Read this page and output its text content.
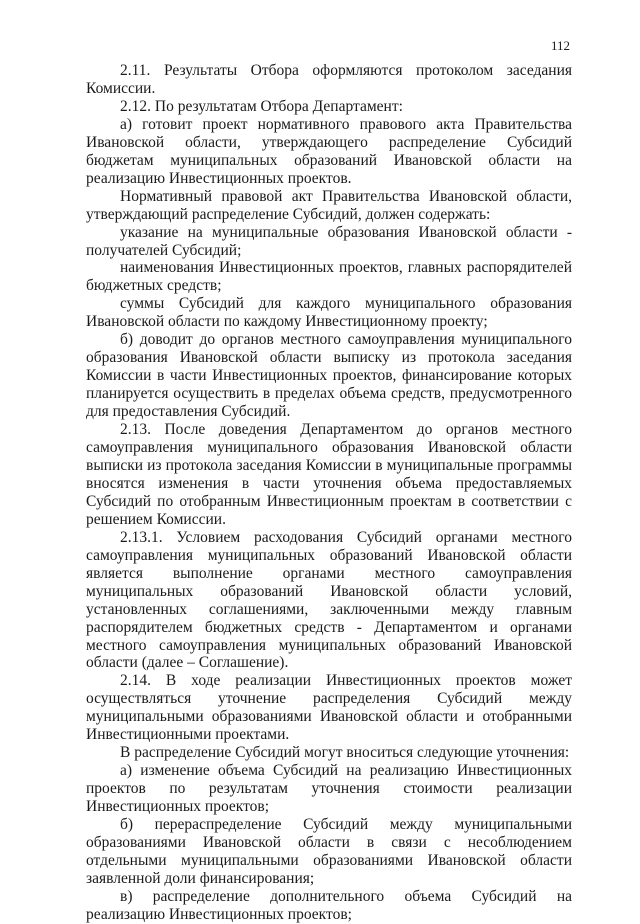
112

2.11. Результаты Отбора оформляются протоколом заседания Комиссии.

2.12. По результатам Отбора Департамент:

а) готовит проект нормативного правового акта Правительства Ивановской области, утверждающего распределение Субсидий бюджетам муниципальных образований Ивановской области на реализацию Инвестиционных проектов.

Нормативный правовой акт Правительства Ивановской области, утверждающий распределение Субсидий, должен содержать:

указание на муниципальные образования Ивановской области - получателей Субсидий;

наименования Инвестиционных проектов, главных распорядителей бюджетных средств;

суммы Субсидий для каждого муниципального образования Ивановской области по каждому Инвестиционному проекту;

б) доводит до органов местного самоуправления муниципального образования Ивановской области выписку из протокола заседания Комиссии в части Инвестиционных проектов, финансирование которых планируется осуществить в пределах объема средств, предусмотренного для предоставления Субсидий.

2.13. После доведения Департаментом до органов местного самоуправления муниципального образования Ивановской области выписки из протокола заседания Комиссии в муниципальные программы вносятся изменения в части уточнения объема предоставляемых Субсидий по отобранным Инвестиционным проектам в соответствии с решением Комиссии.

2.13.1. Условием расходования Субсидий органами местного самоуправления муниципальных образований Ивановской области является выполнение органами местного самоуправления муниципальных образований Ивановской области условий, установленных соглашениями, заключенными между главным распорядителем бюджетных средств - Департаментом и органами местного самоуправления муниципальных образований Ивановской области (далее – Соглашение).

2.14. В ходе реализации Инвестиционных проектов может осуществляться уточнение распределения Субсидий между муниципальными образованиями Ивановской области и отобранными Инвестиционными проектами.

В распределение Субсидий могут вноситься следующие уточнения:

а) изменение объема Субсидий на реализацию Инвестиционных проектов по результатам уточнения стоимости реализации Инвестиционных проектов;

б) перераспределение Субсидий между муниципальными образованиями Ивановской области в связи с несоблюдением отдельными муниципальными образованиями Ивановской области заявленной доли финансирования;

в) распределение дополнительного объема Субсидий на реализацию Инвестиционных проектов;
